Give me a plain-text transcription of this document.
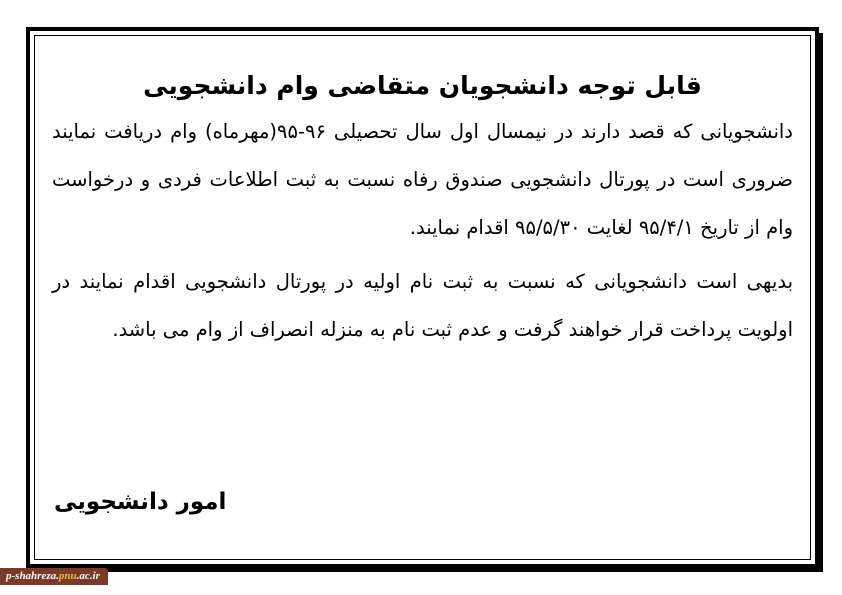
قابل توجه دانشجویان متقاضی وام دانشجویی

دانشجویانی که قصد دارند در نیمسال اول سال تحصیلی ۹۶-۹۵(مهرماه) وام دریافت نمایند ضروری است در پورتال دانشجویی صندوق رفاه نسبت به ثبت اطلاعات فردی و درخواست وام از تاریخ ۹۵/۴/۱ لغایت ۹۵/۵/۳۰ اقدام نمایند.

بدیهی است دانشجویانی که نسبت به ثبت نام اولیه در پورتال دانشجویی اقدام نمایند در اولویت پرداخت قرار خواهند گرفت و عدم ثبت نام به منزله انصراف از وام می باشد.

امور دانشجویی
p-shahreza.pnu.ac.ir
